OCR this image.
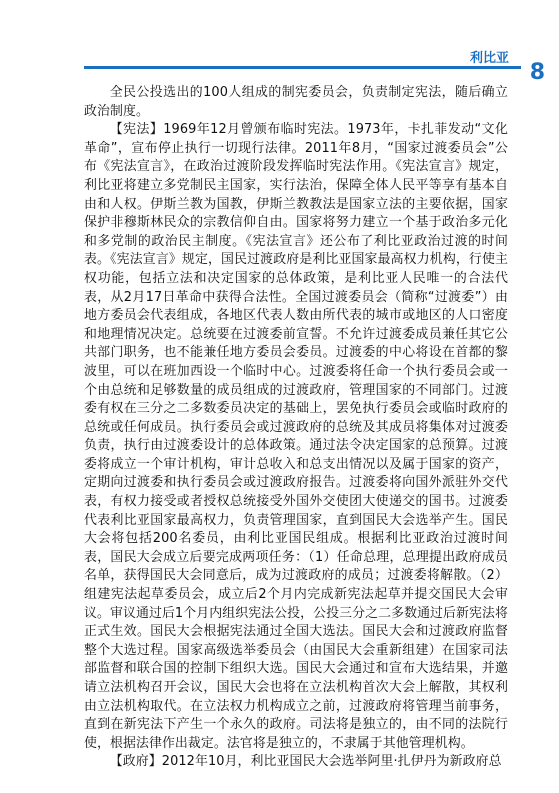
利比亚
8

全民公投选出的100人组成的制宪委员会，负责制定宪法，随后确立政治制度。

【宪法】1969年12月曾颁布临时宪法。1973年，卡扎菲发动“文化革命”，宣布停止执行一切现行法律。2011年8月，“国家过渡委员会”公布《宪法宣言》，在政治过渡阶段发挥临时宪法作用。《宪法宣言》规定，利比亚将建立多党制民主国家，实行法治，保障全体人民平等享有基本自由和人权。伊斯兰教为国教，伊斯兰教教法是国家立法的主要依据，国家保护非穆斯林民众的宗教信仰自由。国家将努力建立一个基于政治多元化和多党制的政治民主制度。《宪法宣言》还公布了利比亚政治过渡的时间表。《宪法宣言》规定，国民过渡政府是利比亚国家最高权力机构，行使主权功能，包括立法和决定国家的总体政策，是利比亚人民唯一的合法代表，从2月17日革命中获得合法性。全国过渡委员会（简称“过渡委”）由地方委员会代表组成，各地区代表人数由所代表的城市或地区的人口密度和地理情况决定。总统要在过渡委前宣誓。不允许过渡委成员兼任其它公共部门职务，也不能兼任地方委员会委员。过渡委的中心将设在首都的黎波里，可以在班加西设一个临时中心。过渡委将任命一个执行委员会或一个由总统和足够数量的成员组成的过渡政府，管理国家的不同部门。过渡委有权在三分之二多数委员决定的基础上，罢免执行委员会或临时政府的总统或任何成员。执行委员会或过渡政府的总统及其成员将集体对过渡委负责，执行由过渡委设计的总体政策。通过法令决定国家的总预算。过渡委将成立一个审计机构，审计总收入和总支出情况以及属于国家的资产，定期向过渡委和执行委员会或过渡政府报告。过渡委将向国外派驻外交代表，有权力接受或者授权总统接受外国外交使团大使递交的国书。过渡委代表利比亚国家最高权力，负责管理国家，直到国民大会选举产生。国民大会将包括200名委员，由利比亚国民组成。根据利比亚政治过渡时间表，国民大会成立后要完成两项任务：（1）任命总理，总理提出政府成员名单，获得国民大会同意后，成为过渡政府的成员；过渡委将解散。（2）组建宪法起草委员会，成立后2个月内完成新宪法起草并提交国民大会审议。审议通过后1个月内组织宪法公投，公投三分之二多数通过后新宪法将正式生效。国民大会根据宪法通过全国大选法。国民大会和过渡政府监督整个大选过程。国家高级选举委员会（由国民大会重新组建）在国家司法部监督和联合国的控制下组织大选。国民大会通过和宣布大选结果，并邀请立法机构召开会议，国民大会也将在立法机构首次大会上解散，其权利由立法机构取代。在立法权力机构成立之前，过渡政府将管理当前事务，直到在新宪法下产生一个永久的政府。司法将是独立的，由不同的法院行使，根据法律作出裁定。法官将是独立的，不隶属于其他管理机构。

【政府】2012年10月，利比亚国民大会选举阿里·扎伊丹为新政府总
